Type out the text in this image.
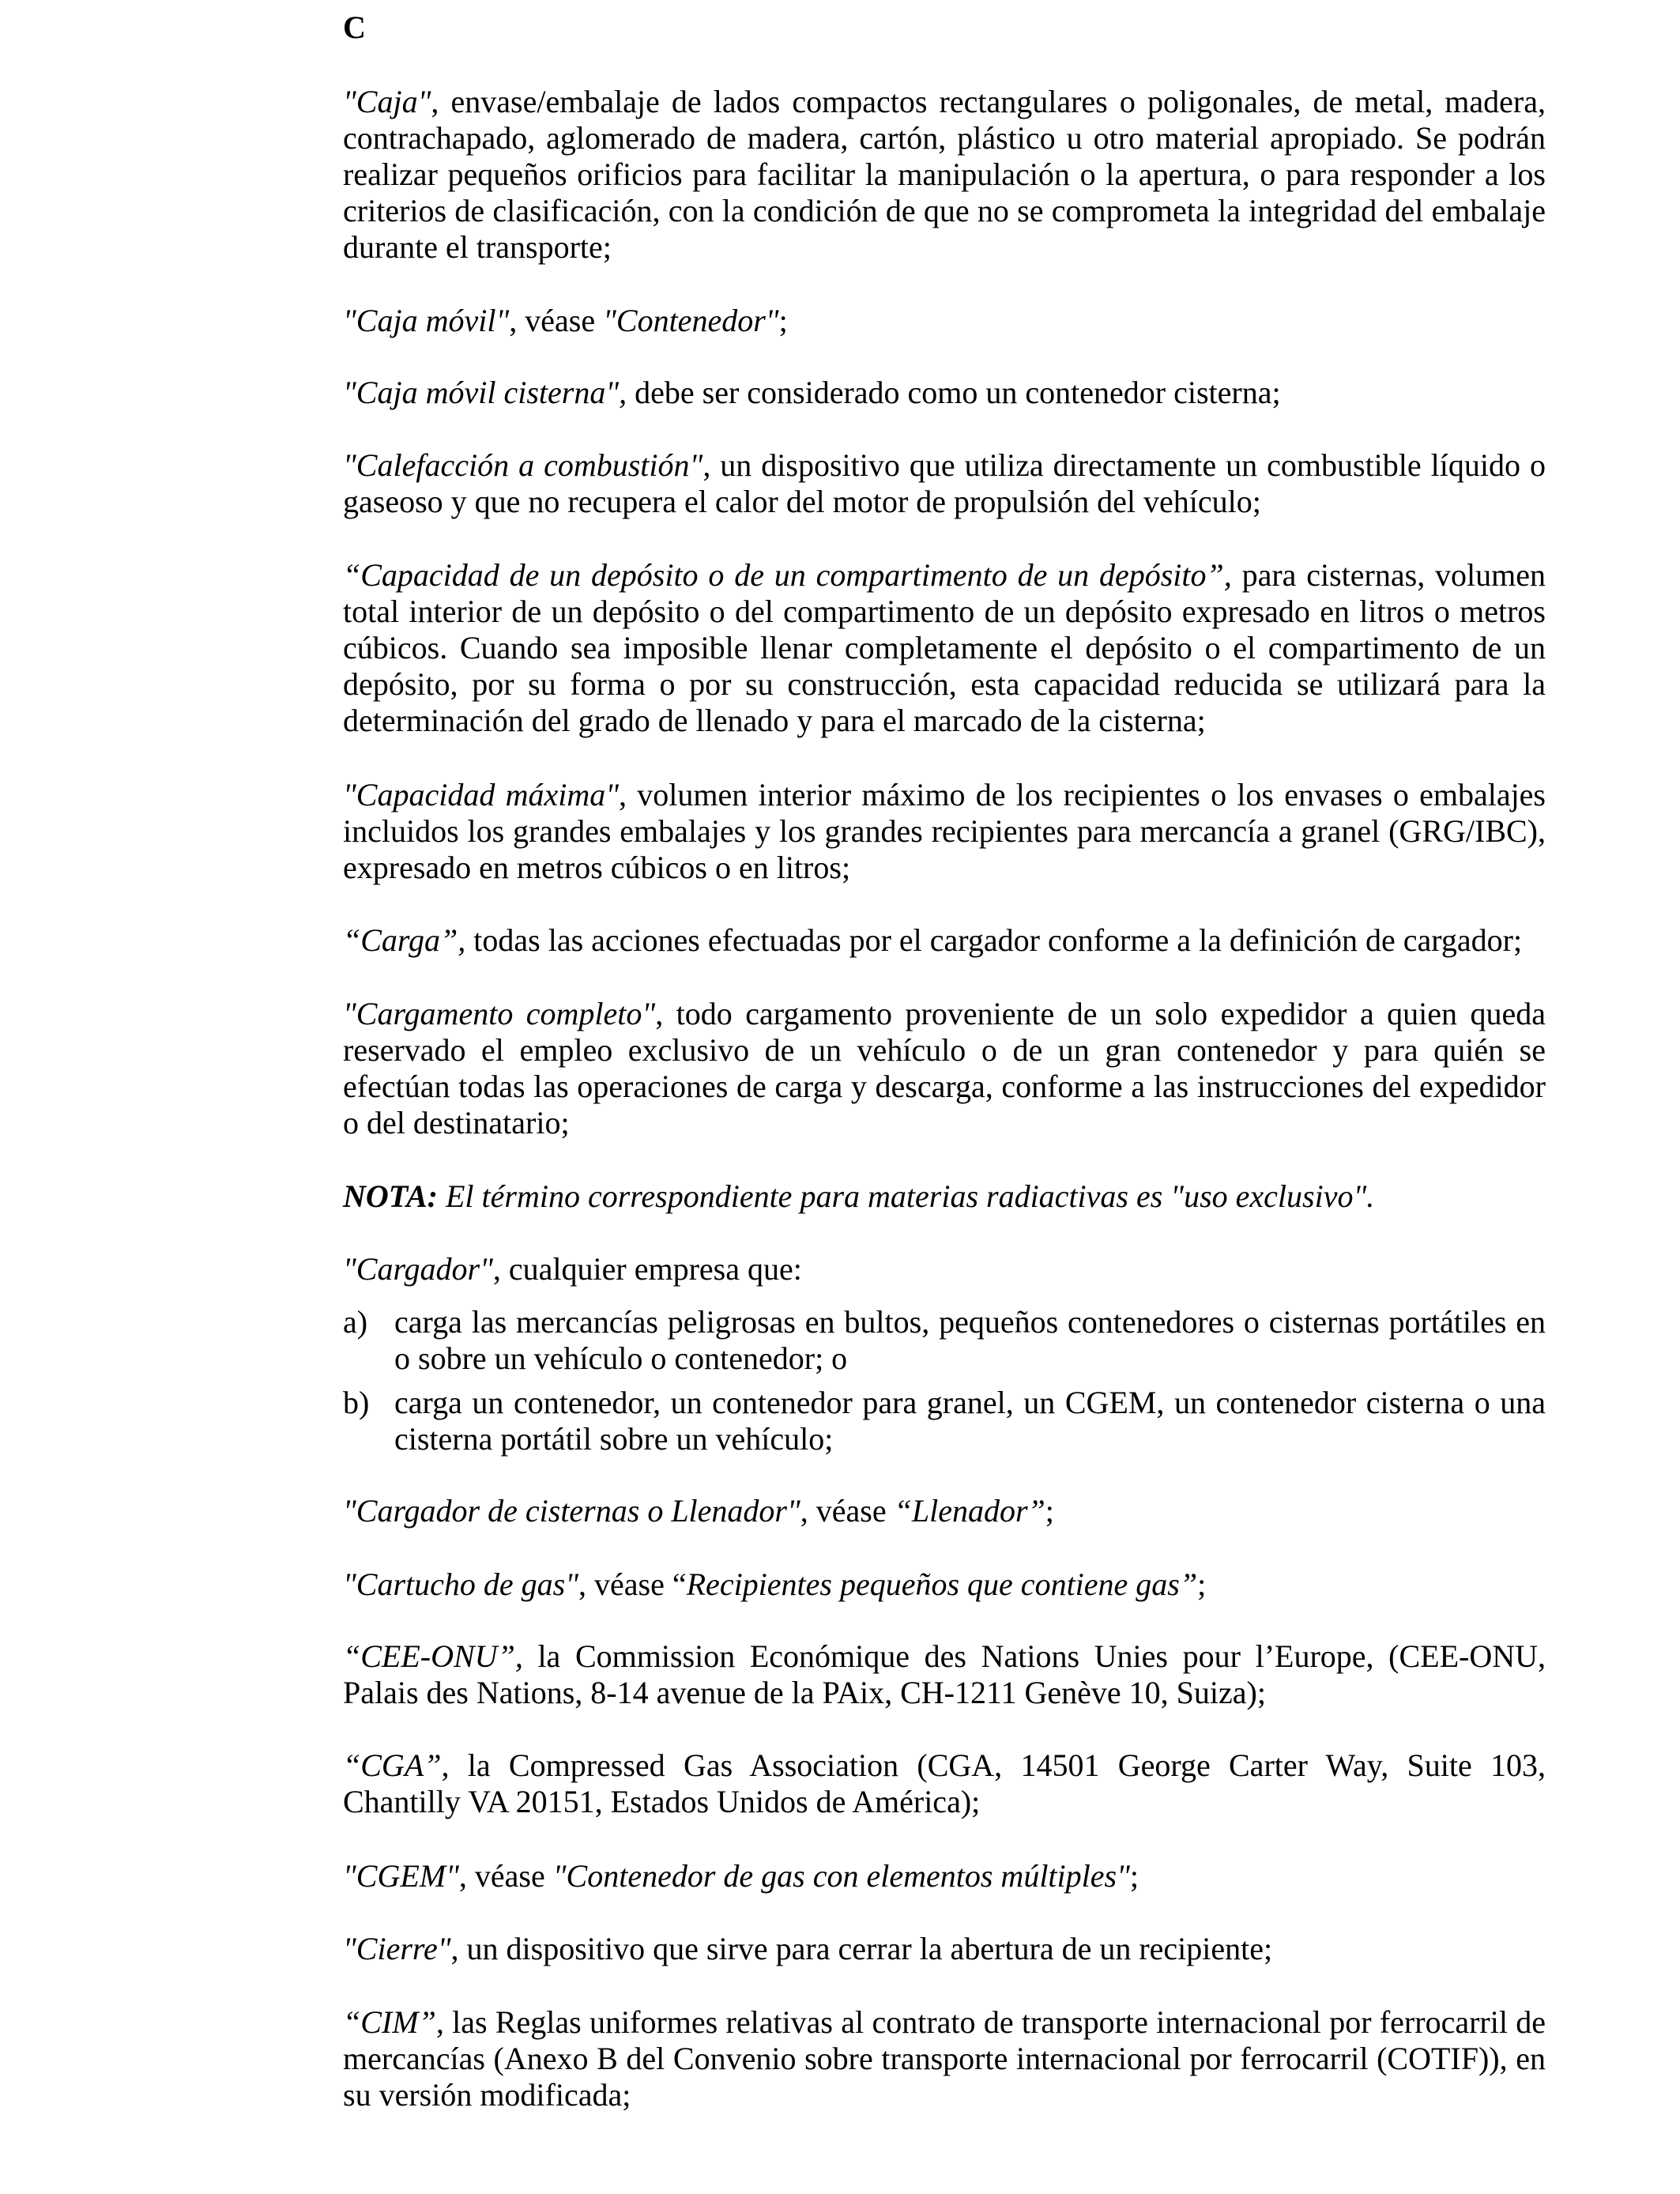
C

"Caja", envase/embalaje de lados compactos rectangulares o poligonales, de metal, madera, contrachapado, aglomerado de madera, cartón, plástico u otro material apropiado. Se podrán realizar pequeños orificios para facilitar la manipulación o la apertura, o para responder a los criterios de clasificación, con la condición de que no se comprometa la integridad del embalaje durante el transporte;

"Caja móvil", véase "Contenedor";

"Caja móvil cisterna", debe ser considerado como un contenedor cisterna;

"Calefacción a combustión", un dispositivo que utiliza directamente un combustible líquido o gaseoso y que no recupera el calor del motor de propulsión del vehículo;

“Capacidad de un depósito o de un compartimento de un depósito”, para cisternas, volumen total interior de un depósito o del compartimento de un depósito expresado en litros o metros cúbicos. Cuando sea imposible llenar completamente el depósito o el compartimento de un depósito, por su forma o por su construcción, esta capacidad reducida se utilizará para la determinación del grado de llenado y para el marcado de la cisterna;

"Capacidad máxima", volumen interior máximo de los recipientes o los envases o embalajes incluidos los grandes embalajes y los grandes recipientes para mercancía a granel (GRG/IBC), expresado en metros cúbicos o en litros;

“Carga”, todas las acciones efectuadas por el cargador conforme a la definición de cargador;

"Cargamento completo", todo cargamento proveniente de un solo expedidor a quien queda reservado el empleo exclusivo de un vehículo o de un gran contenedor y para quién se efectúan todas las operaciones de carga y descarga, conforme a las instrucciones del expedidor o del destinatario;

NOTA: El término correspondiente para materias radiactivas es "uso exclusivo".

"Cargador", cualquier empresa que:

a) carga las mercancías peligrosas en bultos, pequeños contenedores o cisternas portátiles en o sobre un vehículo o contenedor; o
b) carga un contenedor, un contenedor para granel, un CGEM, un contenedor cisterna o una cisterna portátil sobre un vehículo;

"Cargador de cisternas o Llenador", véase “Llenador”;

"Cartucho de gas", véase “Recipientes pequeños que contiene gas”;

“CEE-ONU”, la Commission Económique des Nations Unies pour l’Europe, (CEE-ONU, Palais des Nations, 8-14 avenue de la PAix, CH-1211 Genève 10, Suiza);

“CGA”, la Compressed Gas Association (CGA, 14501 George Carter Way, Suite 103, Chantilly VA 20151, Estados Unidos de América);

"CGEM", véase "Contenedor de gas con elementos múltiples";

"Cierre", un dispositivo que sirve para cerrar la abertura de un recipiente;

“CIM”, las Reglas uniformes relativas al contrato de transporte internacional por ferrocarril de mercancías (Anexo B del Convenio sobre transporte internacional por ferrocarril (COTIF)), en su versión modificada;
